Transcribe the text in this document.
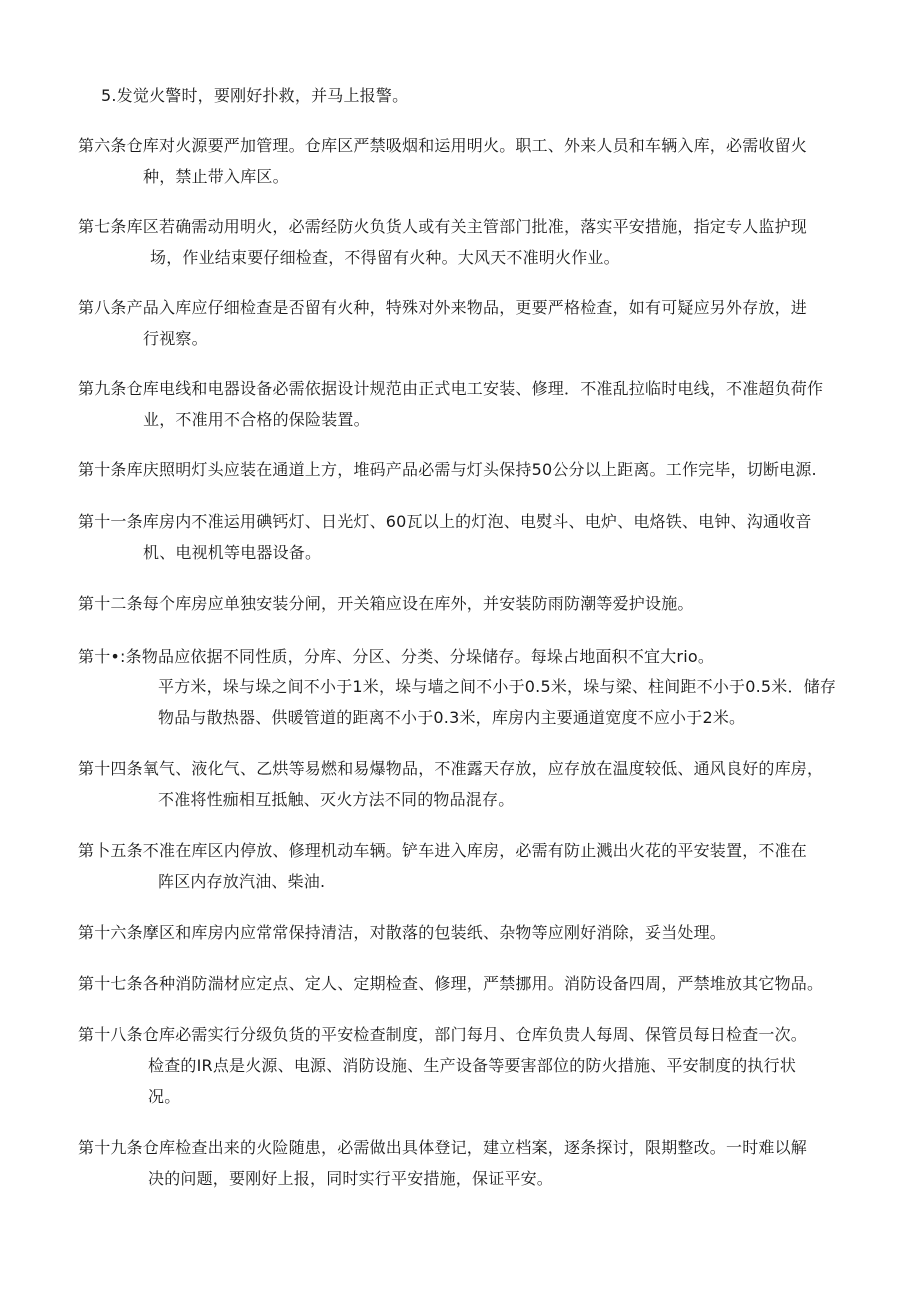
5.发觉火警时，要刚好扑救，并马上报警。
第六条仓库对火源要严加管理。仓库区严禁吸烟和运用明火。职工、外来人员和车辆入库，必需收留火
种，禁止带入库区。
第七条库区若确需动用明火，必需经防火负货人或有关主管部门批准，落实平安措施，指定专人监护现
场，作业结束要仔细检查，不得留有火种。大风天不准明火作业。
第八条产品入库应仔细检查是否留有火种，特殊对外来物品，更要严格检查，如有可疑应另外存放，进
行视察。
第九条仓库电线和电器设备必需依据设计规范由正式电工安装、修理．不准乱拉临时电线，不准超负荷作
业，不准用不合格的保险装置。
第十条库庆照明灯头应装在通道上方，堆码产品必需与灯头保持50公分以上距离。工作完毕，切断电源.
第十一条库房内不准运用碘钙灯、日光灯、60瓦以上的灯泡、电熨斗、电炉、电烙铁、电钟、沟通收音
机、电视机等电器设备。
第十二条每个库房应单独安装分闸，开关箱应设在库外，并安装防雨防潮等爱护设施。
第十•:条物品应依据不同性质，分库、分区、分类、分垛储存。每垛占地面积不宜大rio。
平方米，垛与垛之间不小于1米，垛与墙之间不小于0.5米，垛与梁、柱间距不小于0.5米．储存
物品与散热器、供暖管道的距离不小于0.3米，库房内主要通道宽度不应小于2米。
第十四条氧气、液化气、乙烘等易燃和易爆物品，不准露天存放，应存放在温度较低、通风良好的库房，
不准将性痂相互抵触、灭火方法不同的物品混存。
第卜五条不准在库区内停放、修理机动车辆。铲车进入库房，必需有防止溅出火花的平安装置，不准在
阵区内存放汽油、柴油.
第十六条摩区和库房内应常常保持清洁，对散落的包装纸、杂物等应刚好消除，妥当处理。
第十七条各种消防湍材应定点、定人、定期检查、修理，严禁挪用。消防设备四周，严禁堆放其它物品。
第十八条仓库必需实行分级负货的平安检查制度，部门每月、仓库负贵人每周、保管员每日检査一次。
检查的IR点是火源、电源、消防设施、生产设备等要害部位的防火措施、平安制度的执行状
况。
第十九条仓库检查出来的火险随患，必需做出具体登记，建立档案，逐条探讨，限期整改。一时难以解
决的问题，要刚好上报，同时实行平安措施，保证平安。
